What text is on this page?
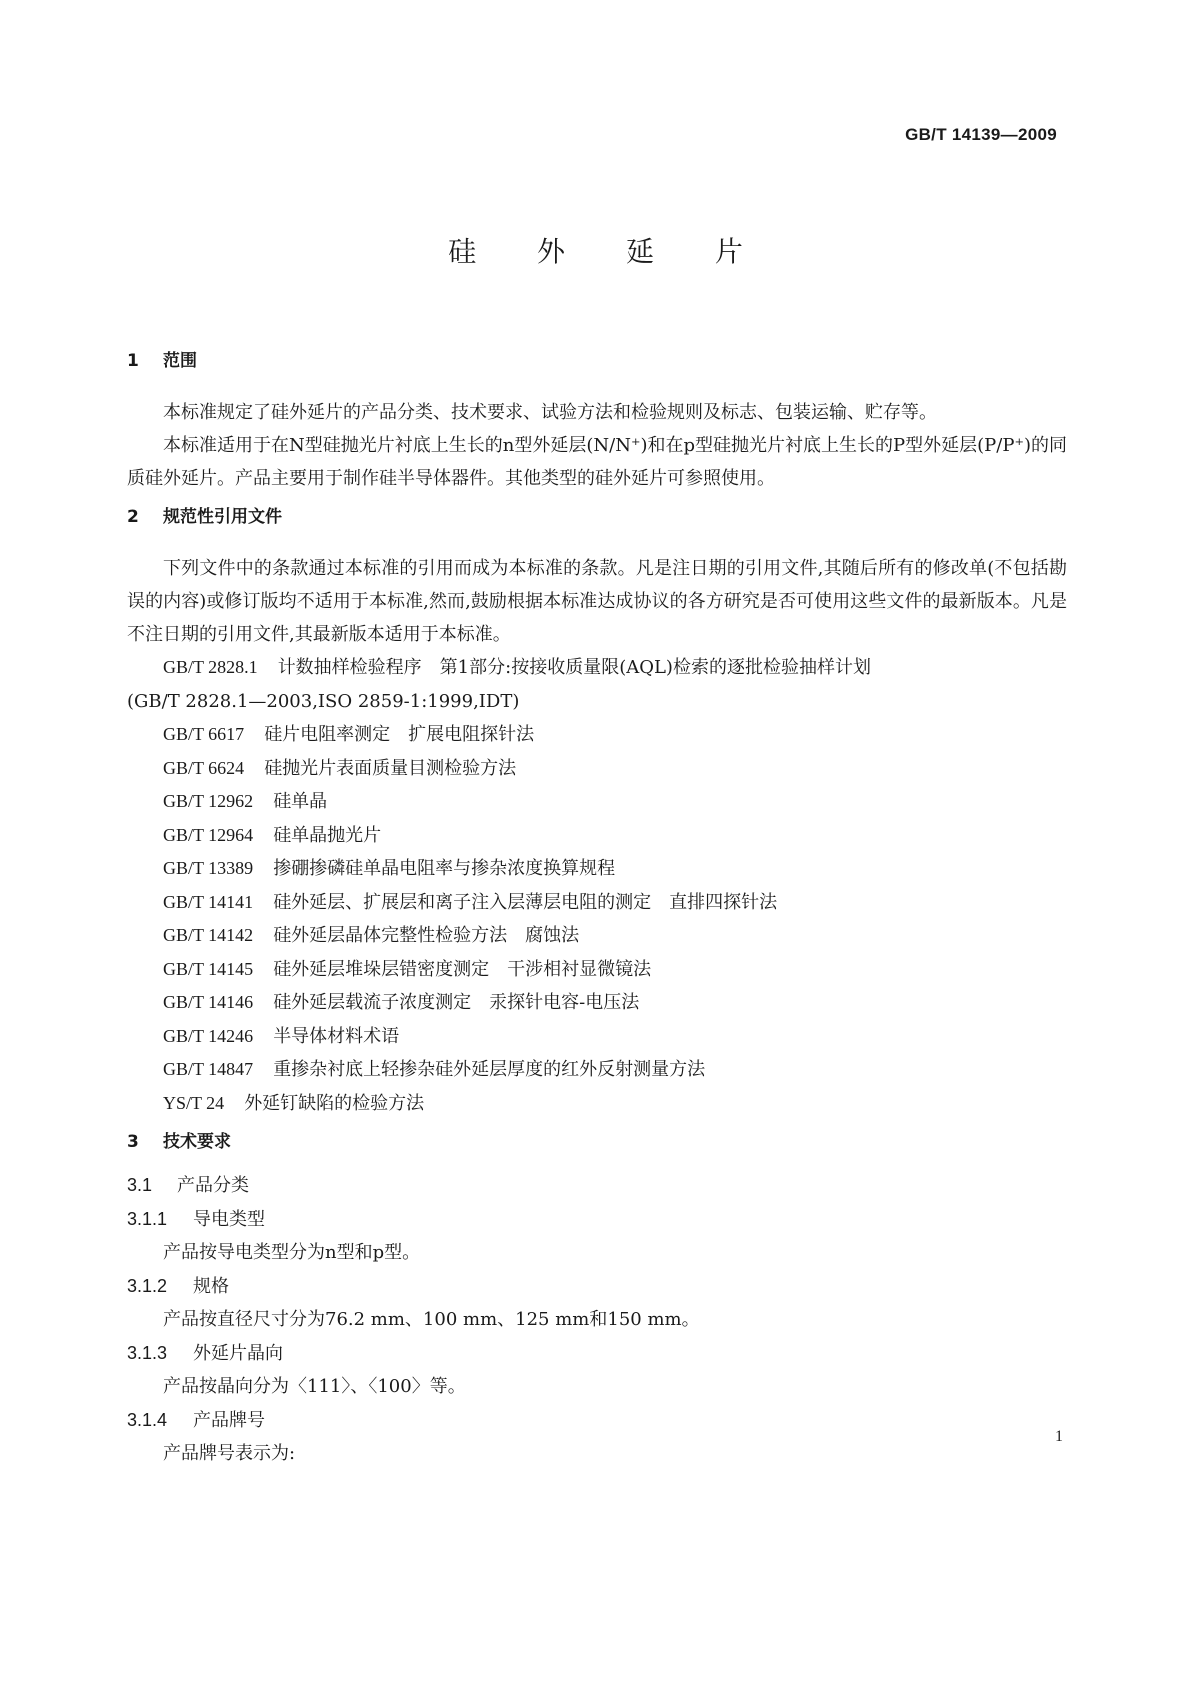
GB/T 14139—2009
硅 外 延 片
1 范围

本标准规定了硅外延片的产品分类、技术要求、试验方法和检验规则及标志、包装运输、贮存等。

本标准适用于在N型硅抛光片衬底上生长的n型外延层(N/N⁺)和在p型硅抛光片衬底上生长的P型外延层(P/P⁺)的同质硅外延片。产品主要用于制作硅半导体器件。其他类型的硅外延片可参照使用。

2 规范性引用文件

下列文件中的条款通过本标准的引用而成为本标准的条款。凡是注日期的引用文件,其随后所有的修改单(不包括勘误的内容)或修订版均不适用于本标准,然而,鼓励根据本标准达成协议的各方研究是否可使用这些文件的最新版本。凡是不注日期的引用文件,其最新版本适用于本标准。

GB/T 2828.1 计数抽样检验程序　第1部分:按接收质量限(AQL)检索的逐批检验抽样计划

(GB/T 2828.1—2003,ISO 2859-1:1999,IDT)

GB/T 6617 硅片电阻率测定　扩展电阻探针法

GB/T 6624 硅抛光片表面质量目测检验方法

GB/T 12962 硅单晶

GB/T 12964 硅单晶抛光片

GB/T 13389 掺硼掺磷硅单晶电阻率与掺杂浓度换算规程

GB/T 14141 硅外延层、扩展层和离子注入层薄层电阻的测定　直排四探针法

GB/T 14142 硅外延层晶体完整性检验方法　腐蚀法

GB/T 14145 硅外延层堆垛层错密度测定　干涉相衬显微镜法

GB/T 14146 硅外延层载流子浓度测定　汞探针电容-电压法

GB/T 14246 半导体材料术语

GB/T 14847 重掺杂衬底上轻掺杂硅外延层厚度的红外反射测量方法

YS/T 24 外延钉缺陷的检验方法

3 技术要求

3.1 产品分类

3.1.1 导电类型

产品按导电类型分为n型和p型。

3.1.2 规格

产品按直径尺寸分为76.2 mm、100 mm、125 mm和150 mm。

3.1.3 外延片晶向

产品按晶向分为〈111〉、〈100〉等。

3.1.4 产品牌号

产品牌号表示为:

1
